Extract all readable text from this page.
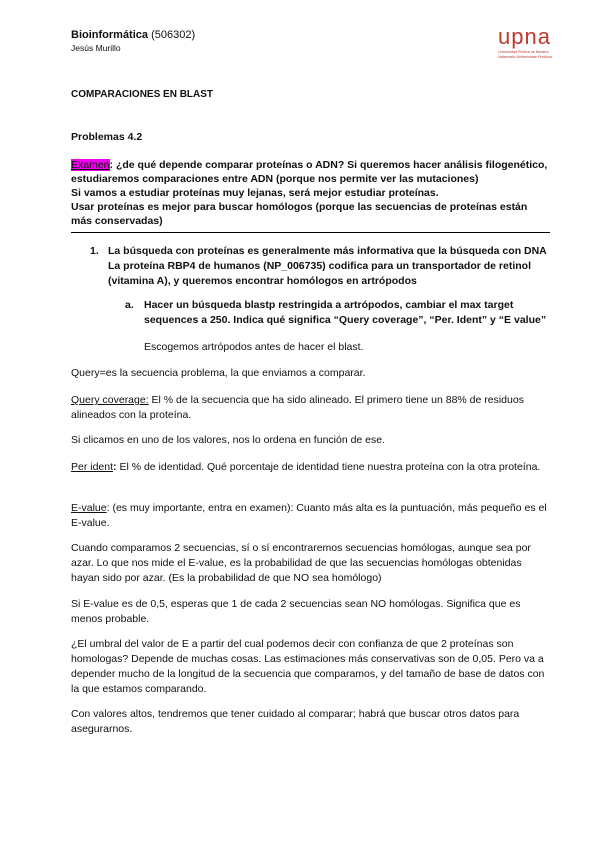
Bioinformática (506302)
Jesús Murillo	upna
Universidad Pública de Navarra
Nafarroako Unibertsitate Publikoa
COMPARACIONES EN BLAST
Problemas 4.2
Examen: ¿de qué depende comparar proteínas o ADN? Si queremos hacer análisis filogenético, estudiaremos comparaciones entre ADN (porque nos permite ver las mutaciones)
Si vamos a estudiar proteínas muy lejanas, será mejor estudiar proteínas.
Usar proteínas es mejor para buscar homólogos (porque las secuencias de proteínas están más conservadas)
1. La búsqueda con proteínas es generalmente más informativa que la búsqueda con DNA La proteína RBP4 de humanos (NP_006735) codifica para un transportador de retinol (vitamina A), y queremos encontrar homólogos en artrópodos
a. Hacer un búsqueda blastp restringida a artrópodos, cambiar el max target sequences a 250. Indica qué significa “Query coverage”, “Per. Ident” y “E value”
Escogemos artrópodos antes de hacer el blast.
Query=es la secuencia problema, la que enviamos a comparar.
Query coverage: El % de la secuencia que ha sido alineado. El primero tiene un 88% de residuos alineados con la proteína.
Si clicamos en uno de los valores, nos lo ordena en función de ese.
Per ident: El % de identidad. Qué porcentaje de identidad tiene nuestra proteína con la otra proteína.
E-value: (es muy importante, entra en examen): Cuanto más alta es la puntuación, más pequeño es el E-value.
Cuando comparamos 2 secuencias, sí o sí encontraremos secuencias homólogas, aunque sea por azar. Lo que nos mide el E-value, es la probabilidad de que las secuencias homólogas obtenidas hayan sido por azar. (Es la probabilidad de que NO sea homólogo)
Si E-value es de 0,5, esperas que 1 de cada 2 secuencias sean NO homólogas. Significa que es menos probable.
¿El umbral del valor de E a partir del cual podemos decir con confianza de que 2 proteínas son homologas? Depende de muchas cosas. Las estimaciones más conservativas son de 0,05. Pero va a depender mucho de la longitud de la secuencia que comparamos, y del tamaño de base de datos con la que estamos comparando.
Con valores altos, tendremos que tener cuidado al comparar; habrá que buscar otros datos para asegurarnos.
